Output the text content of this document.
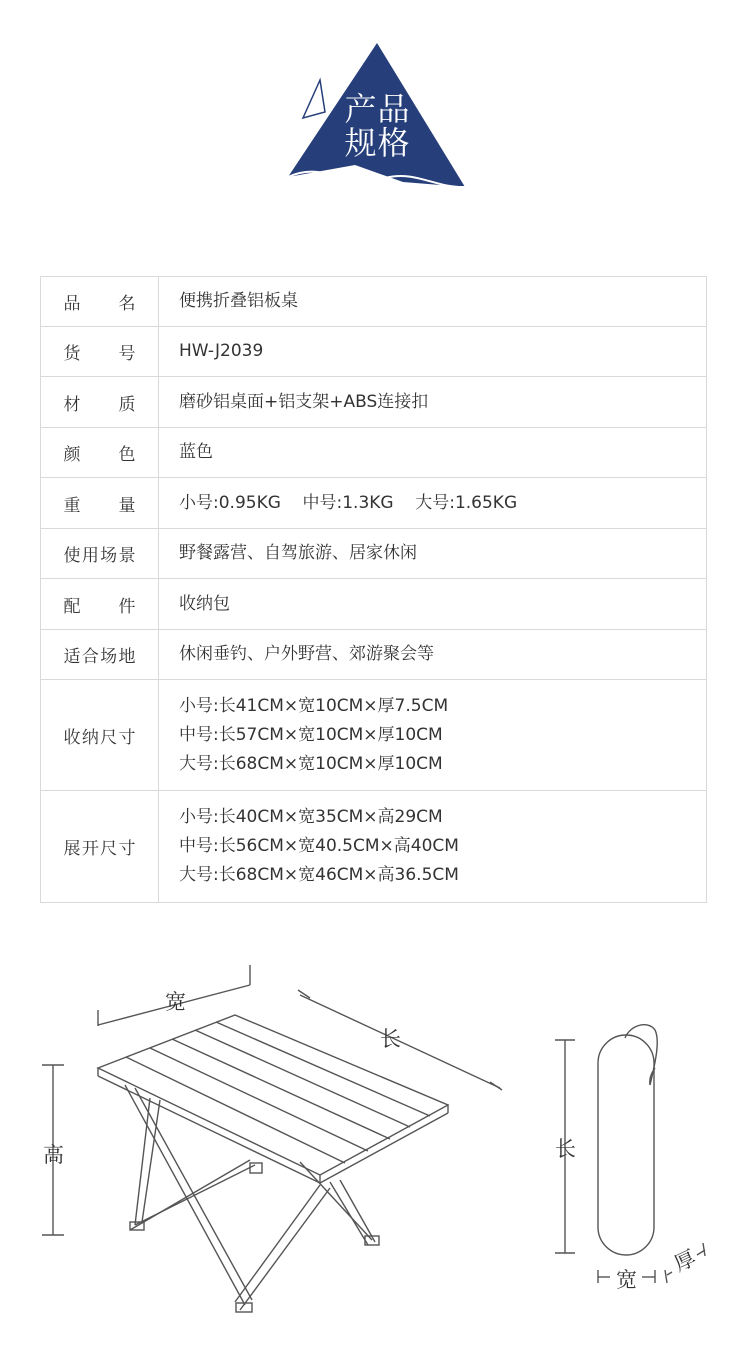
产品
规格
品名	便携折叠铝板桌
货号	HW-J2039
材质	磨砂铝桌面+铝支架+ABS连接扣
颜色	蓝色
重量	小号:0.95KG    中号:1.3KG    大号:1.65KG
使用场景	野餐露营、自驾旅游、居家休闲
配件	收纳包
适合场地	休闲垂钓、户外野营、郊游聚会等
收纳尺寸	小号:长41CM×宽10CM×厚7.5CM
中号:长57CM×宽10CM×厚10CM
大号:长68CM×宽10CM×厚10CM

展开尺寸	小号:长40CM×宽35CM×高29CM
中号:长56CM×宽40.5CM×高40CM
大号:长68CM×宽46CM×高36.5CM
宽
长
高	长
宽
厚
